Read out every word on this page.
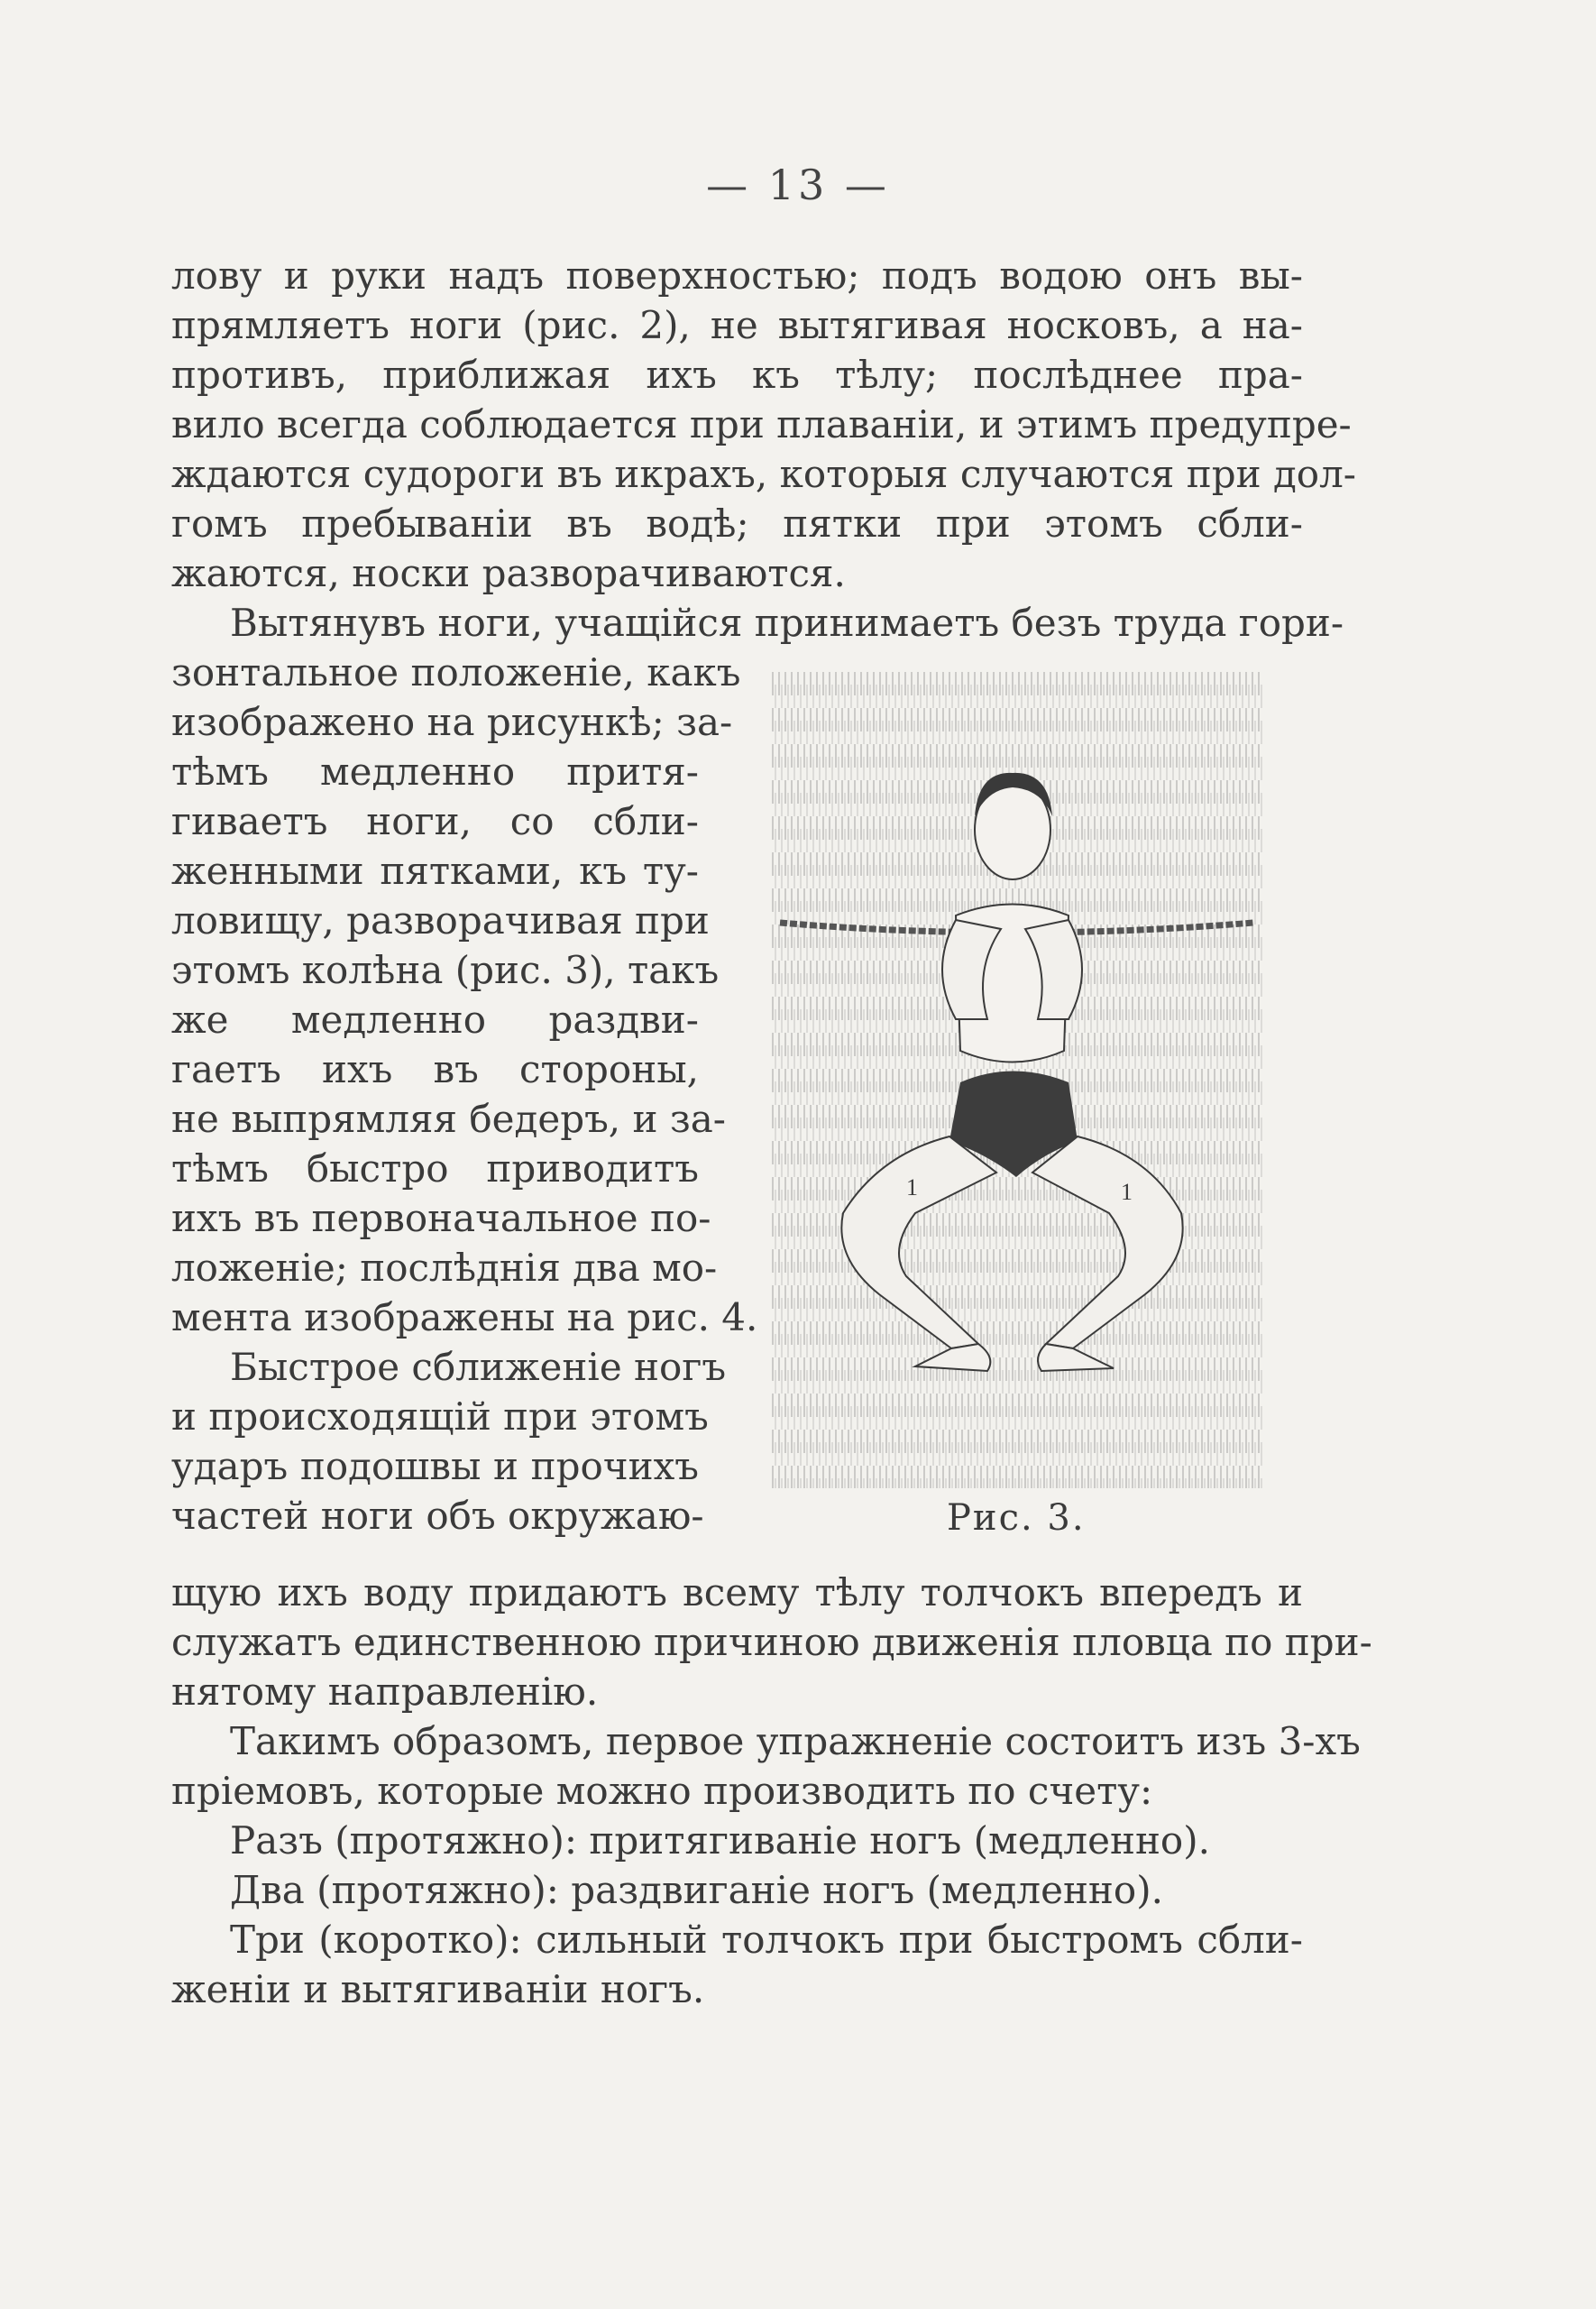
— 13 —
лову и руки надъ поверхностью; подъ водою онъ вы-
прямляетъ ноги (рис. 2), не вытягивая носковъ, а на-
противъ, приближая ихъ къ тѣлу; послѣднее пра-
вило всегда соблюдается при плаванiи, и этимъ предупре-
ждаются судороги въ икрахъ, которыя случаются при дол-
гомъ пребыванiи въ водѣ; пятки при этомъ сбли-
жаются, носки разворачиваются.
Вытянувъ ноги, учащiйся принимаетъ безъ труда гори-
зонтальное положенiе, какъ
изображено на рисункѣ; за-
тѣмъ медленно притя-
гиваетъ ноги, со сбли-
женными пятками, къ ту-
ловищу, разворачивая при
этомъ колѣна (рис. 3), такъ
же медленно раздви-
гаетъ ихъ въ стороны,
не выпрямляя бедеръ, и за-
тѣмъ быстро приводитъ
ихъ въ первоначальное по-
ложенiе; послѣднiя два мо-
мента изображены на рис. 4.
Быстрое сближенiе ногъ
и происходящiй при этомъ
ударъ подошвы и прочихъ
частей ноги объ окружаю-
щую ихъ воду придаютъ всему тѣлу толчокъ впередъ и
служатъ единственною причиною движенiя пловца по при-
нятому направленiю.
Такимъ образомъ, первое упражненiе состоитъ изъ 3-хъ
прiемовъ, которые можно производить по счету:
Разъ (протяжно): притягиванiе ногъ (медленно).
Два (протяжно): раздвиганiе ногъ (медленно).
Три (коротко): сильный толчокъ при быстромъ сбли-
женiи и вытягиванiи ногъ.
1	1
Рис. 3.
